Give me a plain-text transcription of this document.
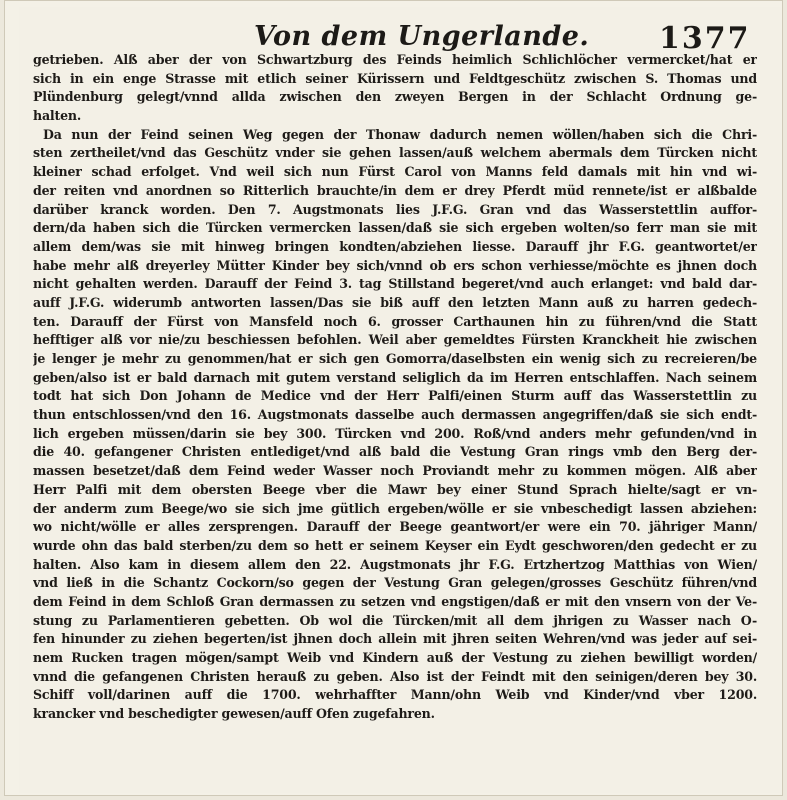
Von dem Ungerlande. 1377
getrieben. Alß aber der von Schwartzburg des Feinds heimlich Schlichlöcher vermercket/hat er
sich in ein enge Strasse mit etlich seiner Kürissern und Feldtgeschütz zwischen S. Thomas und
Plündenburg gelegt/vnnd allda zwischen den zweyen Bergen in der Schlacht Ordnung ge-
halten.
Da nun der Feind seinen Weg gegen der Thonaw dadurch nemen wöllen/haben sich die Chri-
sten zertheilet/vnd das Geschütz vnder sie gehen lassen/auß welchem abermals dem Türcken nicht
kleiner schad erfolget. Vnd weil sich nun Fürst Carol von Manns feld damals mit hin vnd wi-
der reiten vnd anordnen so Ritterlich brauchte/in dem er drey Pferdt müd rennete/ist er alßbalde
darüber kranck worden. Den 7. Augstmonats lies J.F.G. Gran vnd das Wasserstettlin auffor-
dern/da haben sich die Türcken vermercken lassen/daß sie sich ergeben wolten/so ferr man sie mit
allem dem/was sie mit hinweg bringen kondten/abziehen liesse. Darauff jhr F.G. geantwortet/er
habe mehr alß dreyerley Mütter Kinder bey sich/vnnd ob ers schon verhiesse/möchte es jhnen doch
nicht gehalten werden. Darauff der Feind 3. tag Stillstand begeret/vnd auch erlanget: vnd bald dar-
auff J.F.G. widerumb antworten lassen/Das sie biß auff den letzten Mann auß zu harren gedech-
ten. Darauff der Fürst von Mansfeld noch 6. grosser Carthaunen hin zu führen/vnd die Statt
hefftiger alß vor nie/zu beschiessen befohlen. Weil aber gemeldtes Fürsten Kranckheit hie zwischen
je lenger je mehr zu genommen/hat er sich gen Gomorra/daselbsten ein wenig sich zu recreieren/be
geben/also ist er bald darnach mit gutem verstand seliglich da im Herren entschlaffen. Nach seinem
todt hat sich Don Johann de Medice vnd der Herr Palfi/einen Sturm auff das Wasserstettlin zu
thun entschlossen/vnd den 16. Augstmonats dasselbe auch dermassen angegriffen/daß sie sich endt-
lich ergeben müssen/darin sie bey 300. Türcken vnd 200. Roß/vnd anders mehr gefunden/vnd in
die 40. gefangener Christen entlediget/vnd alß bald die Vestung Gran rings vmb den Berg der-
massen besetzet/daß dem Feind weder Wasser noch Proviandt mehr zu kommen mögen. Alß aber
Herr Palfi mit dem obersten Beege vber die Mawr bey einer Stund Sprach hielte/sagt er vn-
der anderm zum Beege/wo sie sich jme gütlich ergeben/wölle er sie vnbeschedigt lassen abziehen:
wo nicht/wölle er alles zersprengen. Darauff der Beege geantwort/er were ein 70. jähriger Mann/
wurde ohn das bald sterben/zu dem so hett er seinem Keyser ein Eydt geschworen/den gedecht er zu
halten. Also kam in diesem allem den 22. Augstmonats jhr F.G. Ertzhertzog Matthias von Wien/
vnd ließ in die Schantz Cockorn/so gegen der Vestung Gran gelegen/grosses Geschütz führen/vnd
dem Feind in dem Schloß Gran dermassen zu setzen vnd engstigen/daß er mit den vnsern von der Ve-
stung zu Parlamentieren gebetten. Ob wol die Türcken/mit all dem jhrigen zu Wasser nach O-
fen hinunder zu ziehen begerten/ist jhnen doch allein mit jhren seiten Wehren/vnd was jeder auf sei-
nem Rucken tragen mögen/sampt Weib vnd Kindern auß der Vestung zu ziehen bewilligt worden/
vnnd die gefangenen Christen herauß zu geben. Also ist der Feindt mit den seinigen/deren bey 30.
Schiff voll/darinen auff die 1700. wehrhaffter Mann/ohn Weib vnd Kinder/vnd vber 1200.
krancker vnd beschedigter gewesen/auff Ofen zugefahren.
